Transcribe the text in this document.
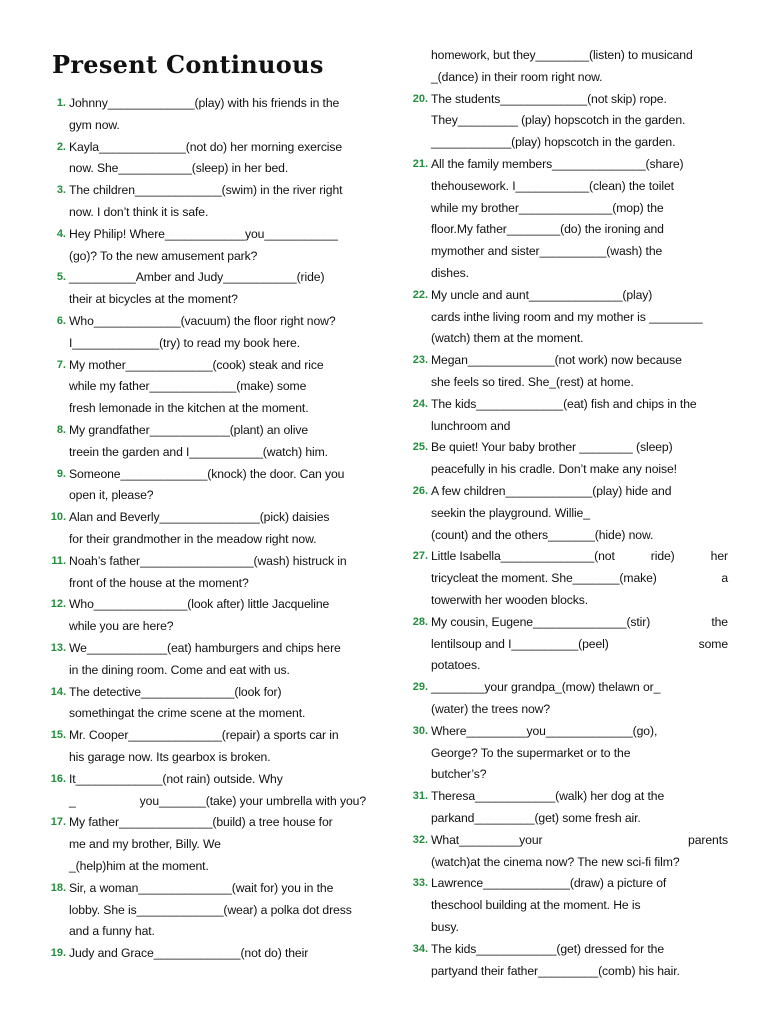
Present Continuous
1. Johnny_____________(play) with his friends in the
gym now.
2. Kayla_____________(not do) her morning exercise
now. She___________(sleep) in her bed.
3. The children_____________(swim) in the river right
now. I don’t think it is safe.
4. Hey Philip! Where____________you___________
(go)? To the new amusement park?
5. __________Amber and Judy___________(ride)
their at bicycles at the moment?
6. Who_____________(vacuum) the floor right now?
I_____________(try) to read my book here.
7. My mother_____________(cook) steak and rice
while my father_____________(make) some
fresh lemonade in the kitchen at the moment.
8. My grandfather____________(plant) an olive
treein the garden and I___________(watch) him.
9. Someone_____________(knock) the door. Can you
open it, please?
10. Alan and Beverly_______________(pick) daisies
for their grandmother in the meadow right now.
11. Noah’s father_________________(wash) histruck in
front of the house at the moment?
12. Who______________(look after) little Jacqueline
while you are here?
13. We____________(eat) hamburgers and chips here
in the dining room. Come and eat with us.
14. The detective______________(look for)
somethingat the crime scene at the moment.
15. Mr. Cooper______________(repair) a sports car in
his garage now. Its gearbox is broken.
16. It_____________(not rain) outside. Why
_	you_______(take) your umbrella with you?
17. My father______________(build) a tree house for
me and my brother, Billy. We
_(help)him at the moment.
18. Sir, a woman______________(wait for) you in the
lobby. She is_____________(wear) a polka dot dress
and a funny hat.
19. Judy and Grace_____________(not do) their
homework, but they________(listen) to musicand
_(dance) in their room right now.
20. The students_____________(not skip) rope.
They_________ (play) hopscotch in the garden.
____________(play) hopscotch in the garden.
21. All the family members______________(share)
thehousework. I___________(clean) the toilet
while my brother______________(mop) the
floor.My father________(do) the ironing and
mymother and sister__________(wash) the
dishes.
22. My uncle and aunt______________(play)
cards inthe living room and my mother is ________
(watch) them at the moment.
23. Megan_____________(not work) now because
she feels so tired. She_(rest) at home.
24. The kids_____________(eat) fish and chips in the
lunchroom and
25. Be quiet! Your baby brother ________ (sleep)
peacefully in his cradle. Don’t make any noise!
26. A few children_____________(play) hide and
seekin the playground. Willie_
(count) and the others_______(hide) now.
27. Little Isabella______________(not	ride)	her
tricycleat the moment. She_______(make)	a
towerwith her wooden blocks.
28. My cousin, Eugene______________(stir)	the
lentilsoup and I__________(peel)	some
potatoes.
29. ________your grandpa_(mow) thelawn or_
(water) the trees now?
30. Where_________you_____________(go),
George? To the supermarket or to the
butcher’s?
31. Theresa____________(walk) her dog at the
parkand_________(get) some fresh air.
32. What_________your	parents
(watch)at the cinema now? The new sci-fi film?
33. Lawrence_____________(draw) a picture of
theschool building at the moment. He is
busy.
34. The kids____________(get) dressed for the
partyand their father_________(comb) his hair.
